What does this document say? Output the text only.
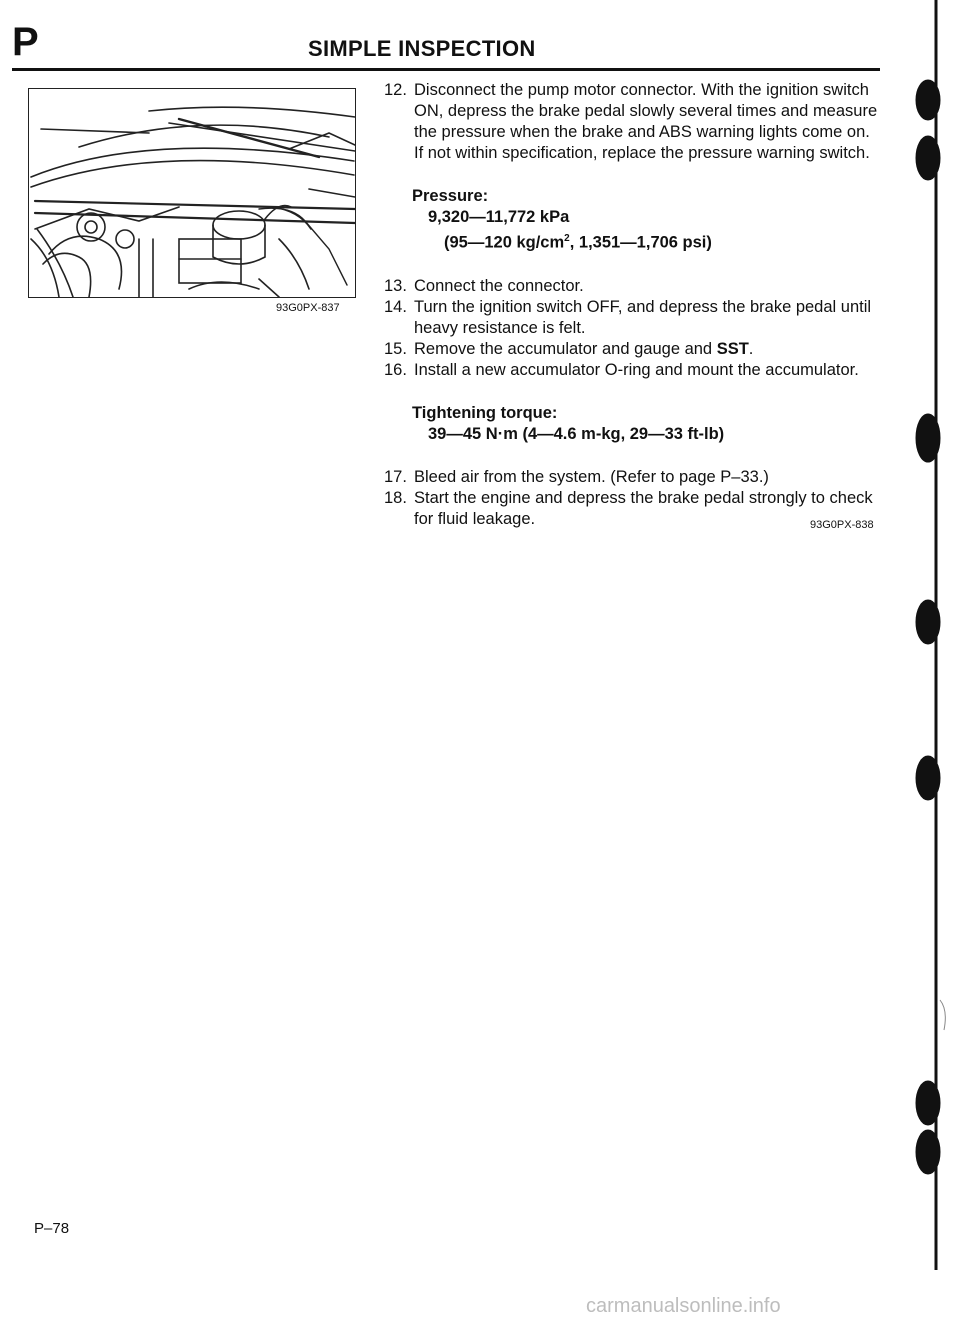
P	SIMPLE INSPECTION
93G0PX-837

12. Disconnect the pump motor connector. With the ignition switch ON, depress the brake pedal slowly several times and measure the pressure when the brake and ABS warning lights come on. If not within specification, replace the pressure warning switch.

Pressure:
9,320—11,772 kPa
(95—120 $kg/cm^2$, 1,351—1,706 psi)

13. Connect the connector.

14. Turn the ignition switch OFF, and depress the brake pedal until heavy resistance is felt.

15. Remove the accumulator and gauge and SST.

16. Install a new accumulator O-ring and mount the accumulator.

Tightening torque:
39—45 N·m (4—4.6 m-kg, 29—33 ft-lb)

17. Bleed air from the system. (Refer to page P–33.)

18. Start the engine and depress the brake pedal strongly to check for fluid leakage.	93G0PX-838
P–78
carmanualsonline.info
